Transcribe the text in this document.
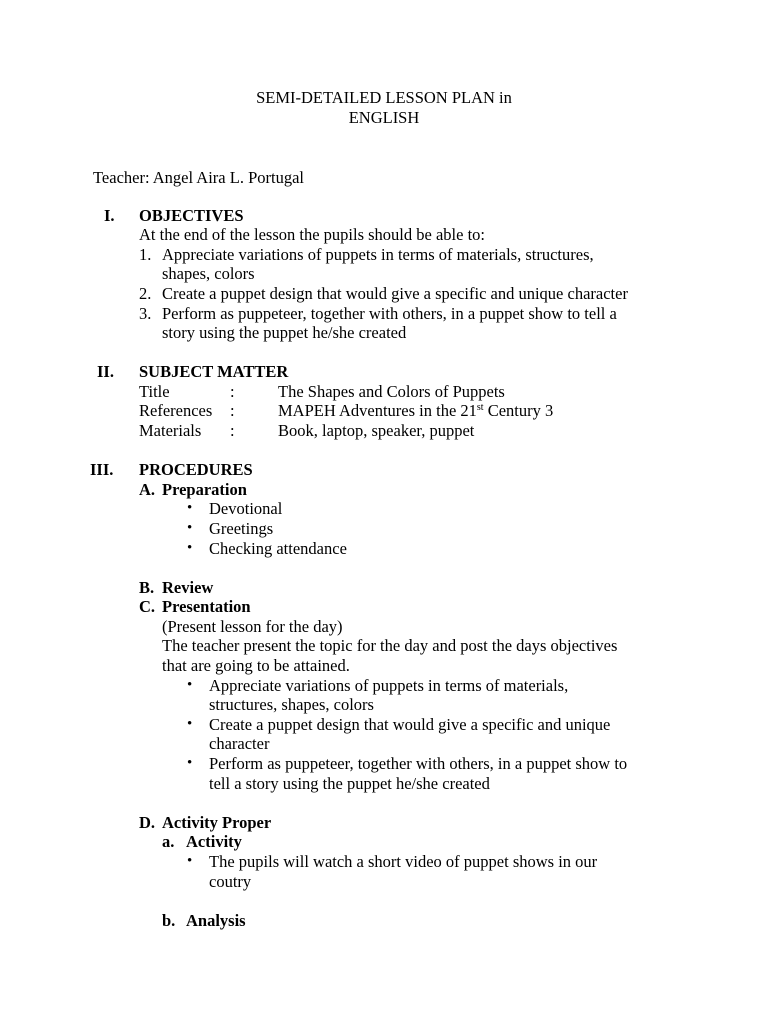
SEMI-DETAILED LESSON PLAN in
ENGLISH
Teacher: Angel Aira L. Portugal
I. OBJECTIVES
At the end of the lesson the pupils should be able to:
1. Appreciate variations of puppets in terms of materials, structures,
shapes, colors
2. Create a puppet design that would give a specific and unique character
3. Perform as puppeteer, together with others, in a puppet show to tell a
story using the puppet he/she created
II. SUBJECT MATTER
Title	:	The Shapes and Colors of Puppets
References :	MAPEH Adventures in the 21st Century 3
Materials :	Book, laptop, speaker, puppet
III. PROCEDURES
A. Preparation
• Devotional
• Greetings
• Checking attendance
B. Review
C. Presentation
(Present lesson for the day)
The teacher present the topic for the day and post the days objectives
that are going to be attained.
• Appreciate variations of puppets in terms of materials,
structures, shapes, colors
• Create a puppet design that would give a specific and unique
character
• Perform as puppeteer, together with others, in a puppet show to
tell a story using the puppet he/she created
D. Activity Proper
a. Activity
• The pupils will watch a short video of puppet shows in our
coutry
b. Analysis
